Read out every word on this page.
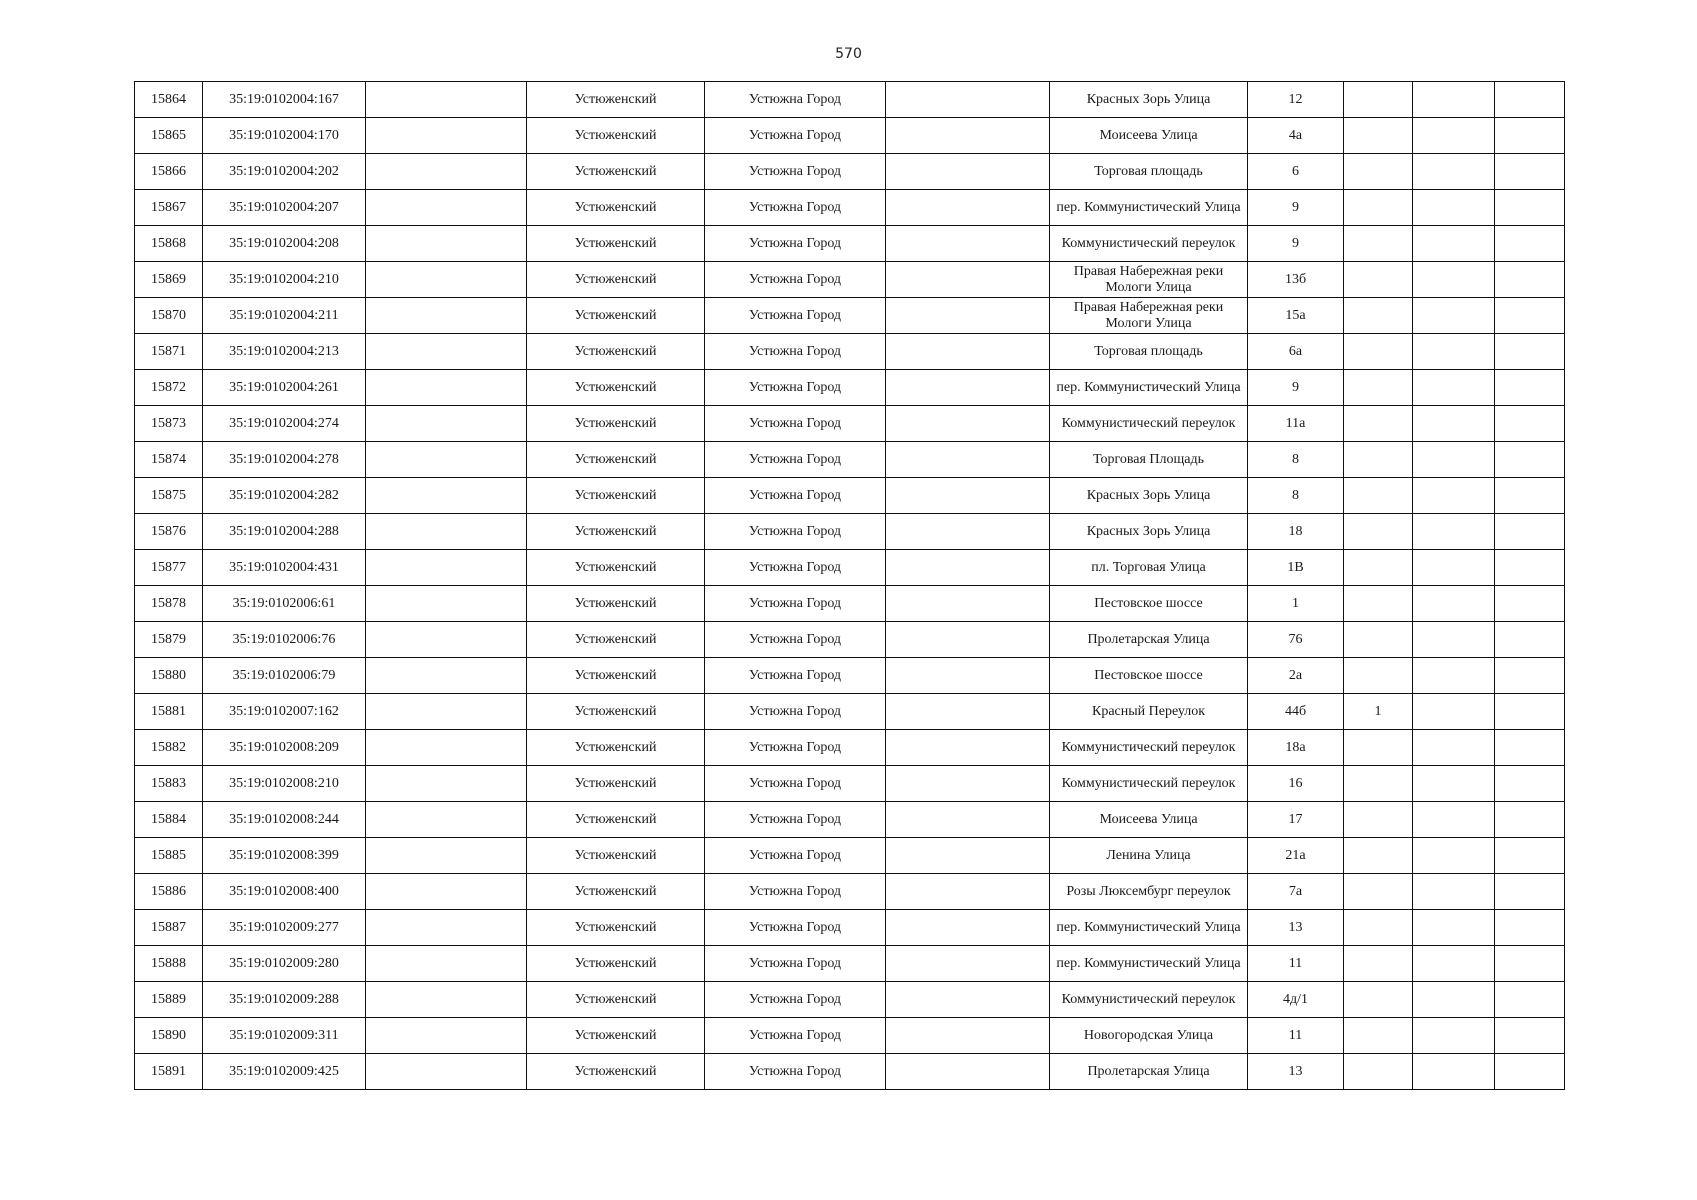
570
15864	35:19:0102004:167		Устюженский	Устюжна Город		Красных Зорь Улица	12			
15865	35:19:0102004:170		Устюженский	Устюжна Город		Моисеева Улица	4а			
15866	35:19:0102004:202		Устюженский	Устюжна Город		Торговая площадь	6			
15867	35:19:0102004:207		Устюженский	Устюжна Город		пер. Коммунистический Улица	9			
15868	35:19:0102004:208		Устюженский	Устюжна Город		Коммунистический переулок	9			
15869	35:19:0102004:210		Устюженский	Устюжна Город		Правая Набережная реки Мологи Улица	13б			
15870	35:19:0102004:211		Устюженский	Устюжна Город		Правая Набережная реки Мологи Улица	15а			
15871	35:19:0102004:213		Устюженский	Устюжна Город		Торговая площадь	6а			
15872	35:19:0102004:261		Устюженский	Устюжна Город		пер. Коммунистический Улица	9			
15873	35:19:0102004:274		Устюженский	Устюжна Город		Коммунистический переулок	11а			
15874	35:19:0102004:278		Устюженский	Устюжна Город		Торговая Площадь	8			
15875	35:19:0102004:282		Устюженский	Устюжна Город		Красных Зорь Улица	8			
15876	35:19:0102004:288		Устюженский	Устюжна Город		Красных Зорь Улица	18			
15877	35:19:0102004:431		Устюженский	Устюжна Город		пл. Торговая Улица	1В			
15878	35:19:0102006:61		Устюженский	Устюжна Город		Пестовское шоссе	1			
15879	35:19:0102006:76		Устюженский	Устюжна Город		Пролетарская Улица	76			
15880	35:19:0102006:79		Устюженский	Устюжна Город		Пестовское шоссе	2а			
15881	35:19:0102007:162		Устюженский	Устюжна Город		Красный Переулок	44б	1		
15882	35:19:0102008:209		Устюженский	Устюжна Город		Коммунистический переулок	18а			
15883	35:19:0102008:210		Устюженский	Устюжна Город		Коммунистический переулок	16			
15884	35:19:0102008:244		Устюженский	Устюжна Город		Моисеева Улица	17			
15885	35:19:0102008:399		Устюженский	Устюжна Город		Ленина Улица	21а			
15886	35:19:0102008:400		Устюженский	Устюжна Город		Розы Люксембург переулок	7а			
15887	35:19:0102009:277		Устюженский	Устюжна Город		пер. Коммунистический Улица	13			
15888	35:19:0102009:280		Устюженский	Устюжна Город		пер. Коммунистический Улица	11			
15889	35:19:0102009:288		Устюженский	Устюжна Город		Коммунистический переулок	4д/1			
15890	35:19:0102009:311		Устюженский	Устюжна Город		Новогородская Улица	11			
15891	35:19:0102009:425		Устюженский	Устюжна Город		Пролетарская Улица	13			
